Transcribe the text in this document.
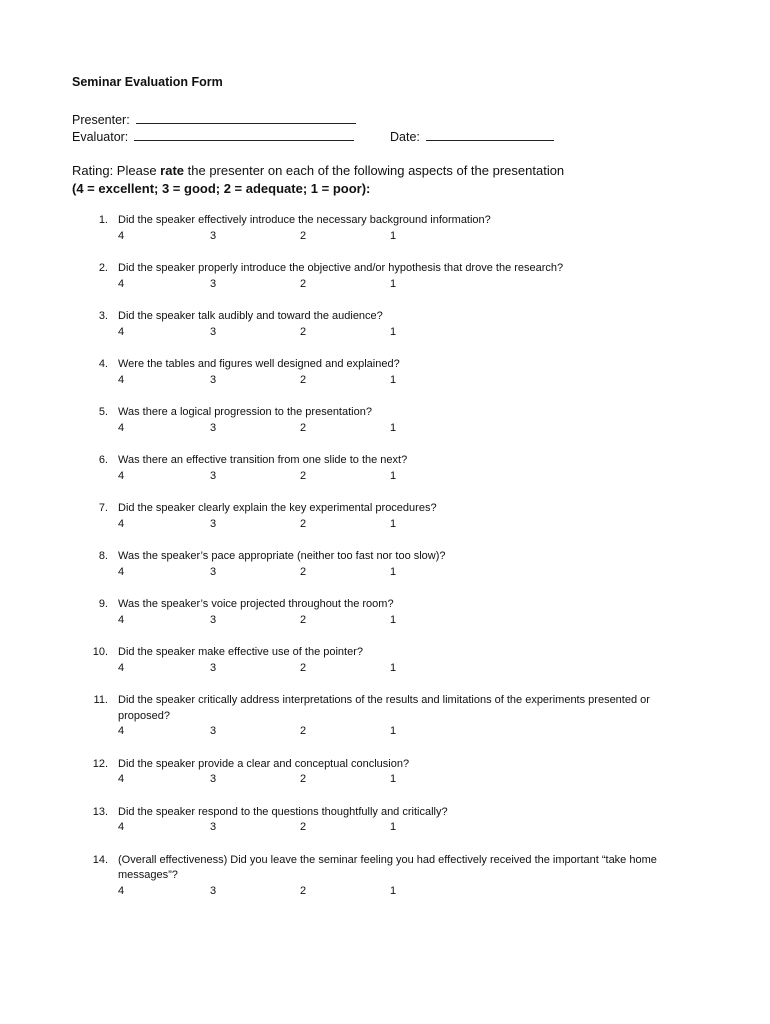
Seminar Evaluation Form
Presenter:
Evaluator:	Date:
Rating: Please rate the presenter on each of the following aspects of the presentation
(4 = excellent; 3 = good; 2 = adequate; 1 = poor):
1. Did the speaker effectively introduce the necessary background information?
4	3	2	1
2. Did the speaker properly introduce the objective and/or hypothesis that drove the research?
4	3	2	1
3. Did the speaker talk audibly and toward the audience?
4	3	2	1
4. Were the tables and figures well designed and explained?
4	3	2	1
5. Was there a logical progression to the presentation?
4	3	2	1
6. Was there an effective transition from one slide to the next?
4	3	2	1
7. Did the speaker clearly explain the key experimental procedures?
4	3	2	1
8. Was the speaker’s pace appropriate (neither too fast nor too slow)?
4	3	2	1
9. Was the speaker’s voice projected throughout the room?
4	3	2	1
10. Did the speaker make effective use of the pointer?
4	3	2	1
11. Did the speaker critically address interpretations of the results and limitations of the experiments presented or proposed?
4	3	2	1
12. Did the speaker provide a clear and conceptual conclusion?
4	3	2	1
13. Did the speaker respond to the questions thoughtfully and critically?
4	3	2	1
14. (Overall effectiveness) Did you leave the seminar feeling you had effectively received the important “take home messages”?
4	3	2	1
